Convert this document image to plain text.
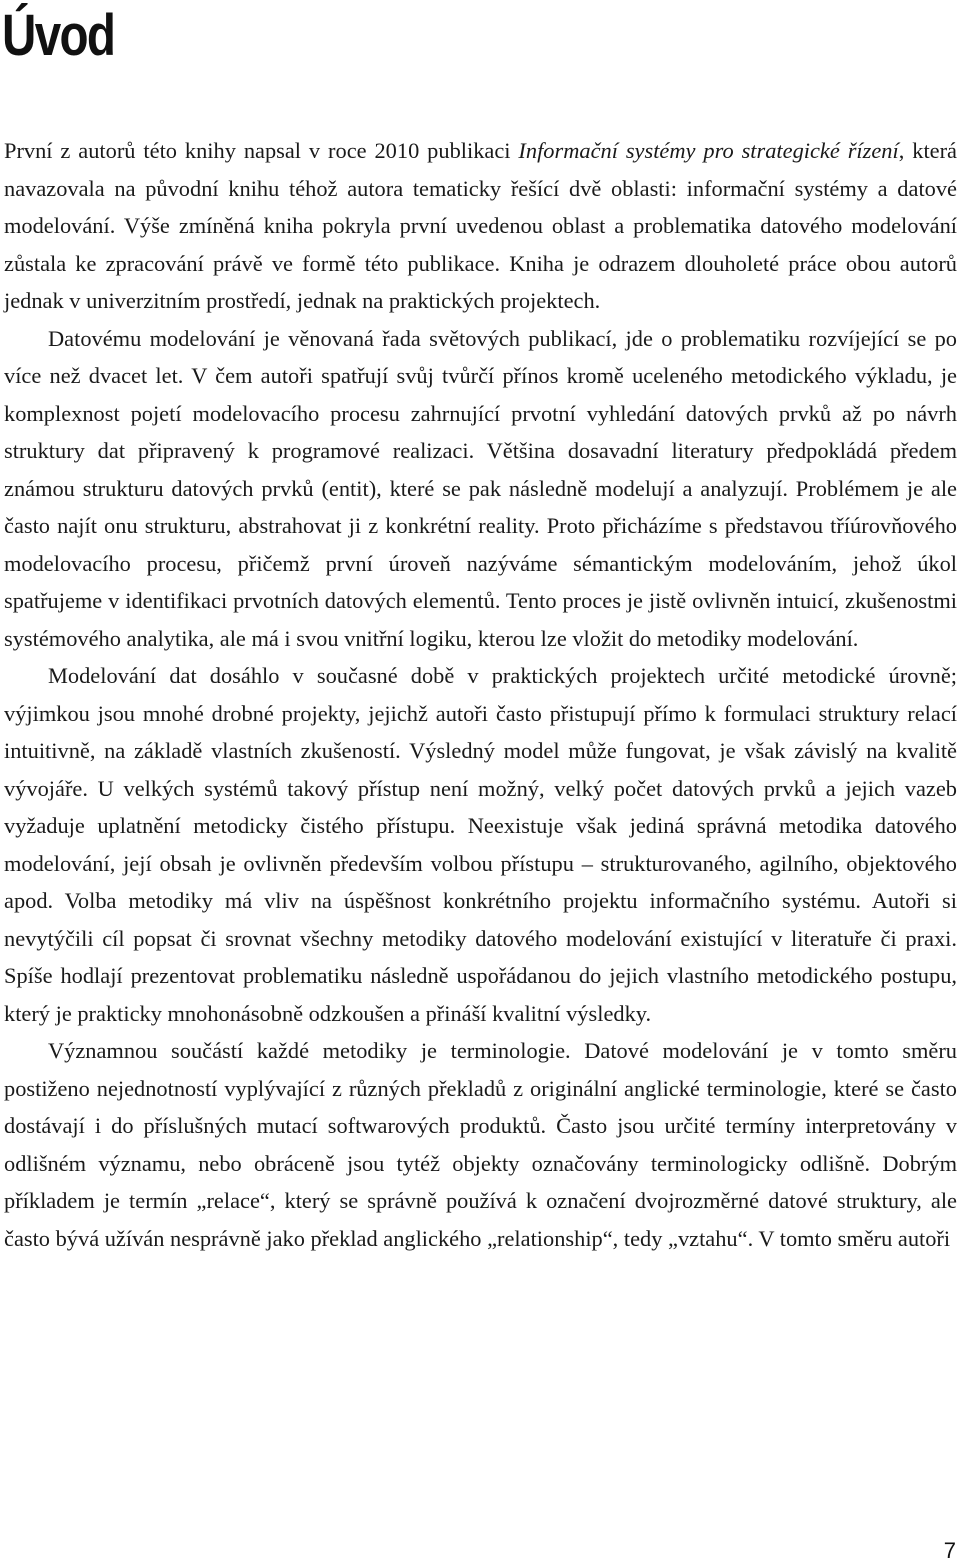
Úvod

První z autorů této knihy napsal v roce 2010 publikaci Informační systémy pro strategické řízení, která navazovala na původní knihu téhož autora tematicky řešící dvě oblasti: informační systémy a datové modelování. Výše zmíněná kniha pokryla první uvedenou oblast a problematika datového modelování zůstala ke zpracování právě ve formě této publikace. Kniha je odrazem dlouholeté práce obou autorů jednak v univerzitním prostředí, jednak na praktických projektech.

Datovému modelování je věnovaná řada světových publikací, jde o problematiku rozvíjející se po více než dvacet let. V čem autoři spatřují svůj tvůrčí přínos kromě uceleného metodického výkladu, je komplexnost pojetí modelovacího procesu zahrnující prvotní vyhledání datových prvků až po návrh struktury dat připravený k programové realizaci. Většina dosavadní literatury předpokládá předem známou strukturu datových prvků (entit), které se pak následně modelují a analyzují. Problémem je ale často najít onu strukturu, abstrahovat ji z konkrétní reality. Proto přicházíme s představou tříúrovňového modelovacího procesu, přičemž první úroveň nazýváme sémantickým modelováním, jehož úkol spatřujeme v identifikaci prvotních datových elementů. Tento proces je jistě ovlivněn intuicí, zkušenostmi systémového analytika, ale má i svou vnitřní logiku, kterou lze vložit do metodiky modelování.

Modelování dat dosáhlo v současné době v praktických projektech určité metodické úrovně; výjimkou jsou mnohé drobné projekty, jejichž autoři často přistupují přímo k formulaci struktury relací intuitivně, na základě vlastních zkušeností. Výsledný model může fungovat, je však závislý na kvalitě vývojáře. U velkých systémů takový přístup není možný, velký počet datových prvků a jejich vazeb vyžaduje uplatnění metodicky čistého přístupu. Neexistuje však jediná správná metodika datového modelování, její obsah je ovlivněn především volbou přístupu – strukturovaného, agilního, objektového apod. Volba metodiky má vliv na úspěšnost konkrétního projektu informačního systému. Autoři si nevytýčili cíl popsat či srovnat všechny metodiky datového modelování existující v literatuře či praxi. Spíše hodlají prezentovat problematiku následně uspořádanou do jejich vlastního metodického postupu, který je prakticky mnohonásobně odzkoušen a přináší kvalitní výsledky.

Významnou součástí každé metodiky je terminologie. Datové modelování je v tomto směru postiženo nejednotností vyplývající z různých překladů z originální anglické terminologie, které se často dostávají i do příslušných mutací softwarových produktů. Často jsou určité termíny interpretovány v odlišném významu, nebo obráceně jsou tytéž objekty označovány terminologicky odlišně. Dobrým příkladem je termín „relace“, který se správně používá k označení dvojrozměrné datové struktury, ale často bývá užíván nesprávně jako překlad anglického „relationship“, tedy „vztahu“. V tomto směru autoři

7
